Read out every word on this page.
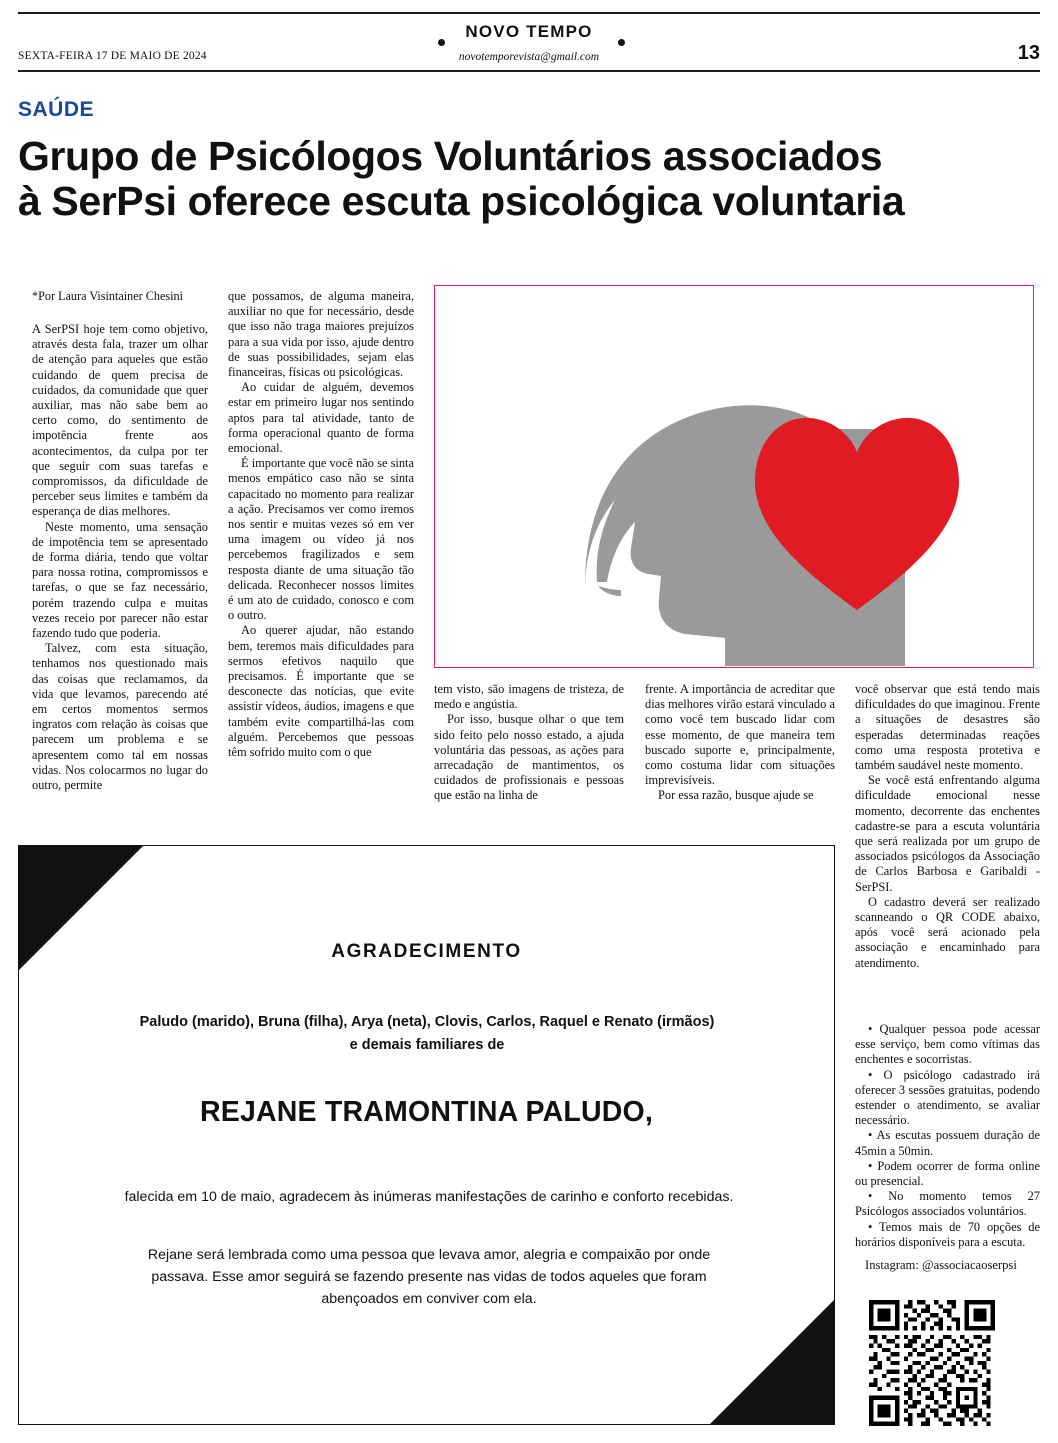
NOVO TEMPO
SEXTA-FEIRA 17 DE MAIO DE 2024	novotemporevista@gmail.com	13
SAÚDE
Grupo de Psicólogos Voluntários associados
à SerPsi oferece escuta psicológica voluntaria
*Por Laura Visintainer Chesini

A SerPSI hoje tem como objetivo, através desta fala, trazer um olhar de atenção para aqueles que estão cuidando de quem precisa de cuidados, da comunidade que quer auxiliar, mas não sabe bem ao certo como, do sentimento de impotência frente aos acontecimentos, da culpa por ter que seguir com suas tarefas e compromissos, da dificuldade de perceber seus limites e também da esperança de dias melhores.

Neste momento, uma sensação de impotência tem se apresentado de forma diária, tendo que voltar para nossa rotina, compromissos e tarefas, o que se faz necessário, porém trazendo culpa e muitas vezes receio por parecer não estar fazendo tudo que poderia.

Talvez, com esta situação, tenhamos nos questionado mais das coisas que reclamamos, da vida que levamos, parecendo até em certos momentos sermos ingratos com relação às coisas que parecem um problema e se apresentem como tal em nossas vidas. Nos colocarmos no lugar do outro, permite

que possamos, de alguma maneira, auxiliar no que for necessário, desde que isso não traga maiores prejuízos para a sua vida por isso, ajude dentro de suas possibilidades, sejam elas financeiras, físicas ou psicológicas.

Ao cuidar de alguém, devemos estar em primeiro lugar nos sentindo aptos para tal atividade, tanto de forma operacional quanto de forma emocional.

É importante que você não se sinta menos empático caso não se sinta capacitado no momento para realizar a ação. Precisamos ver como iremos nos sentir e muitas vezes só em ver uma imagem ou vídeo já nos percebemos fragilizados e sem resposta diante de uma situação tão delicada. Reconhecer nossos limites é um ato de cuidado, conosco e com o outro.

Ao querer ajudar, não estando bem, teremos mais dificuldades para sermos efetivos naquilo que precisamos. É importante que se desconecte das notícias, que evite assistir vídeos, áudios, imagens e que também evite compartilhá-las com alguém. Percebemos que pessoas têm sofrido muito com o que

tem visto, são imagens de tristeza, de medo e angústia.

Por isso, busque olhar o que tem sido feito pelo nosso estado, a ajuda voluntária das pessoas, as ações para arrecadação de mantimentos, os cuidados de profissionais e pessoas que estão na linha de

frente. A importância de acreditar que dias melhores virão estará vinculado a como você tem buscado lidar com esse momento, de que maneira tem buscado suporte e, principalmente, como costuma lidar com situações imprevisíveis.

Por essa razão, busque ajude se

você observar que está tendo mais dificuldades do que imaginou. Frente a situações de desastres são esperadas determinadas reações como uma resposta protetiva e também saudável neste momento.

Se você está enfrentando alguma dificuldade emocional nesse momento, decorrente das enchentes cadastre-se para a escuta voluntária que será realizada por um grupo de associados psicólogos da Associação de Carlos Barbosa e Garibaldi - SerPSI.

O cadastro deverá ser realizado scanneando o QR CODE abaixo, após você será acionado pela associação e encaminhado para atendimento.

• Qualquer pessoa pode acessar esse serviço, bem como vítimas das enchentes e socorristas.

• O psicólogo cadastrado irá oferecer 3 sessões gratuitas, podendo estender o atendimento, se avaliar necessário.

• As escutas possuem duração de 45min a 50min.

• Podem ocorrer de forma online ou presencial.

• No momento temos 27 Psicólogos associados voluntários.

• Temos mais de 70 opções de horários disponíveis para a escuta.

Instagram: @associacaoserpsi
AGRADECIMENTO
Paludo (marido), Bruna (filha), Arya (neta), Clovis, Carlos, Raquel e Renato (irmãos) e demais familiares de
REJANE TRAMONTINA PALUDO,
falecida em 10 de maio, agradecem às inúmeras manifestações de carinho e conforto recebidas.
Rejane será lembrada como uma pessoa que levava amor, alegria e compaixão por onde passava. Esse amor seguirá se fazendo presente nas vidas de todos aqueles que foram abençoados em conviver com ela.
